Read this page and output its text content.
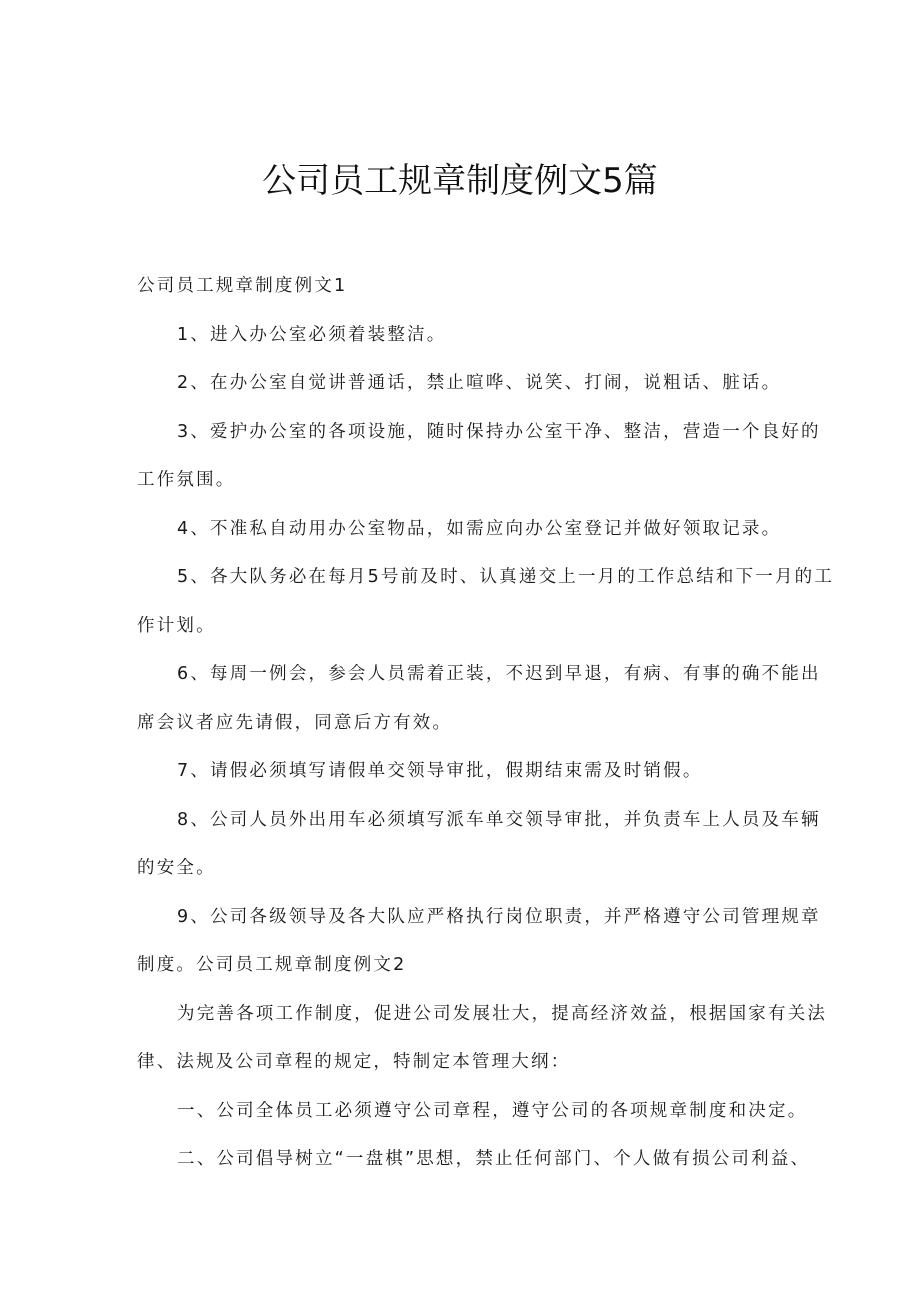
公司员工规章制度例文5篇
公司员工规章制度例文1
1、进入办公室必须着装整洁。
2、在办公室自觉讲普通话，禁止喧哗、说笑、打闹，说粗话、脏话。
3、爱护办公室的各项设施，随时保持办公室干净、整洁，营造一个良好的
工作氛围。
4、不准私自动用办公室物品，如需应向办公室登记并做好领取记录。
5、各大队务必在每月5号前及时、认真递交上一月的工作总结和下一月的工
作计划。
6、每周一例会，参会人员需着正装，不迟到早退，有病、有事的确不能出
席会议者应先请假，同意后方有效。
7、请假必须填写请假单交领导审批，假期结束需及时销假。
8、公司人员外出用车必须填写派车单交领导审批，并负责车上人员及车辆
的安全。
9、公司各级领导及各大队应严格执行岗位职责，并严格遵守公司管理规章
制度。公司员工规章制度例文2
为完善各项工作制度，促进公司发展壮大，提高经济效益，根据国家有关法
律、法规及公司章程的规定，特制定本管理大纲：
一、公司全体员工必须遵守公司章程，遵守公司的各项规章制度和决定。
二、公司倡导树立“一盘棋”思想，禁止任何部门、个人做有损公司利益、
